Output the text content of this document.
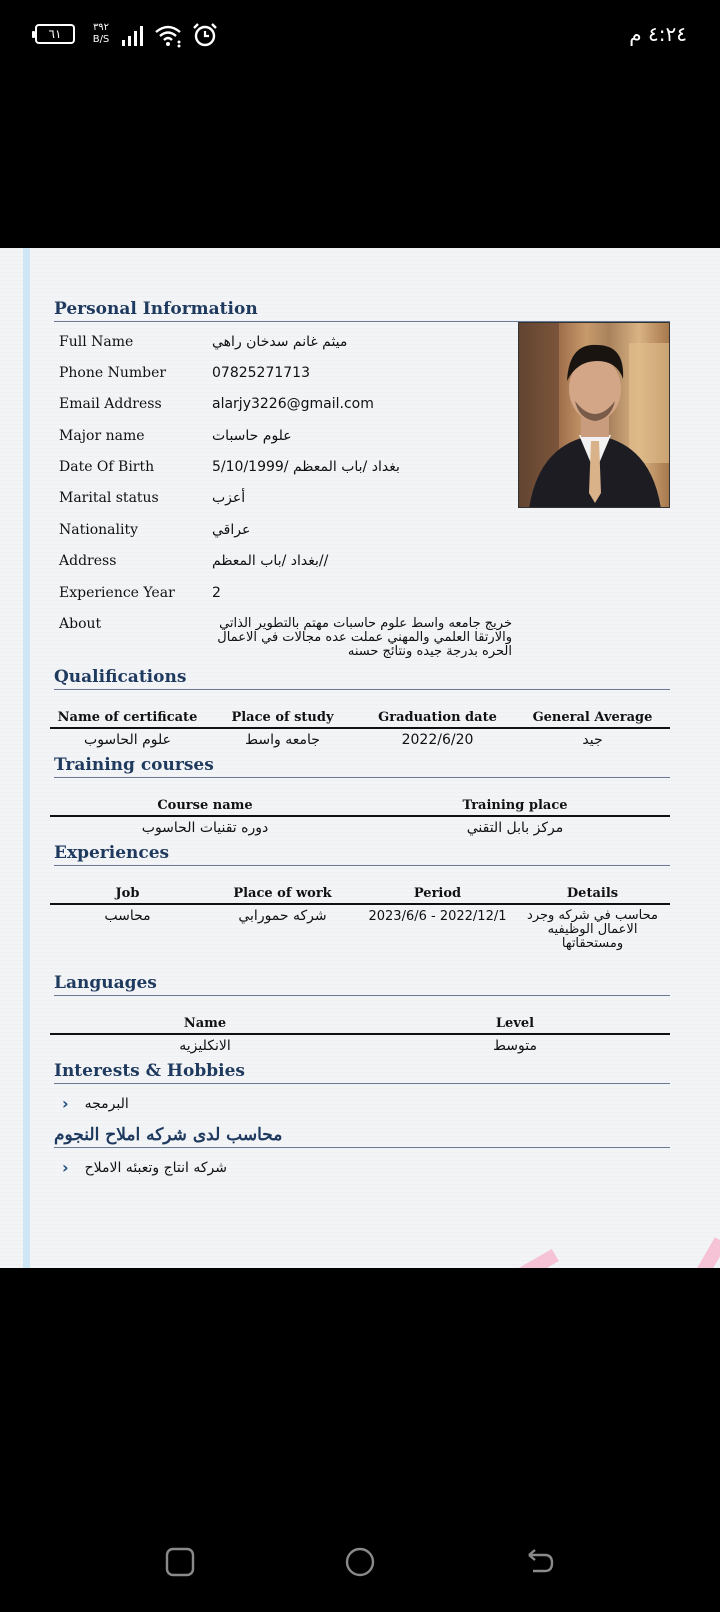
٦١	٣٩٢
B/S	٤:٢٤ م
Personal Information
Full Name	ميثم غانم سدخان راهي
Phone Number	07825271713
Email Address	alarjy3226@gmail.com
Major name	علوم حاسبات
Date Of Birth	5/10/1999/ بغداد /باب المعظم
Marital status	أعزب
Nationality	عراقي
Address	بغداد /باب المعظم//
Experience Year	2
About	خريج جامعه واسط علوم حاسبات مهتم بالتطوير الذاتي والارتقا العلمي والمهني عملت عده مجالات في الاعمال الحره بدرجة جيده ونتائج حسنه
Qualifications
Name of certificate	Place of study	Graduation date	General Average
علوم الحاسوب	جامعه واسط	2022/6/20	جيد
Training courses
Course name	Training place
دوره تقنيات الحاسوب	مركز بابل التقني
Experiences
Job	Place of work	Period	Details
محاسب	شركه حمورابي	2022/12/1 - 2023/6/6	محاسب في شركه وجرد الاعمال الوظيفيه ومستحقاتها
Languages
Name	Level
الانكليزيه	متوسط
Interests & Hobbies
› البرمجه
محاسب لدى شركه املاح النجوم
› شركه انتاج وتعبئه الاملاح
